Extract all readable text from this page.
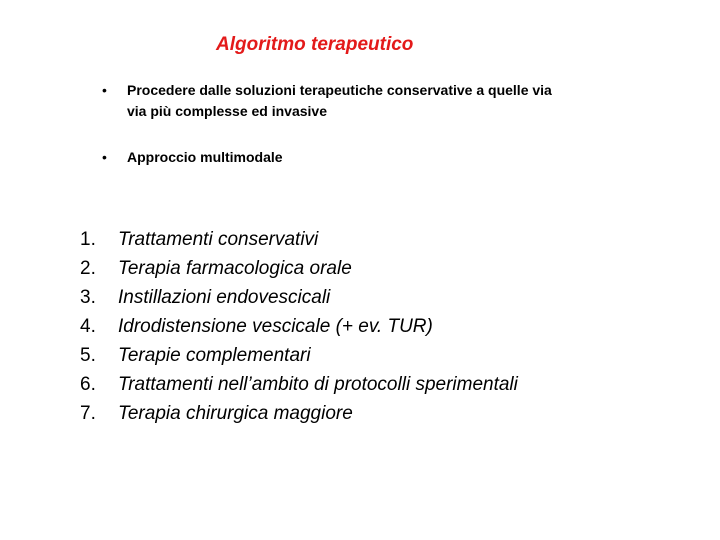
Algoritmo terapeutico
• Procedere dalle soluzioni terapeutiche conservative a quelle via via più complesse ed invasive
• Approccio multimodale
1. Trattamenti conservativi
2. Terapia farmacologica orale
3. Instillazioni endovescicali
4. Idrodistensione vescicale (+ ev. TUR)
5. Terapie complementari
6. Trattamenti nell’ambito di protocolli sperimentali
7. Terapia chirurgica maggiore
